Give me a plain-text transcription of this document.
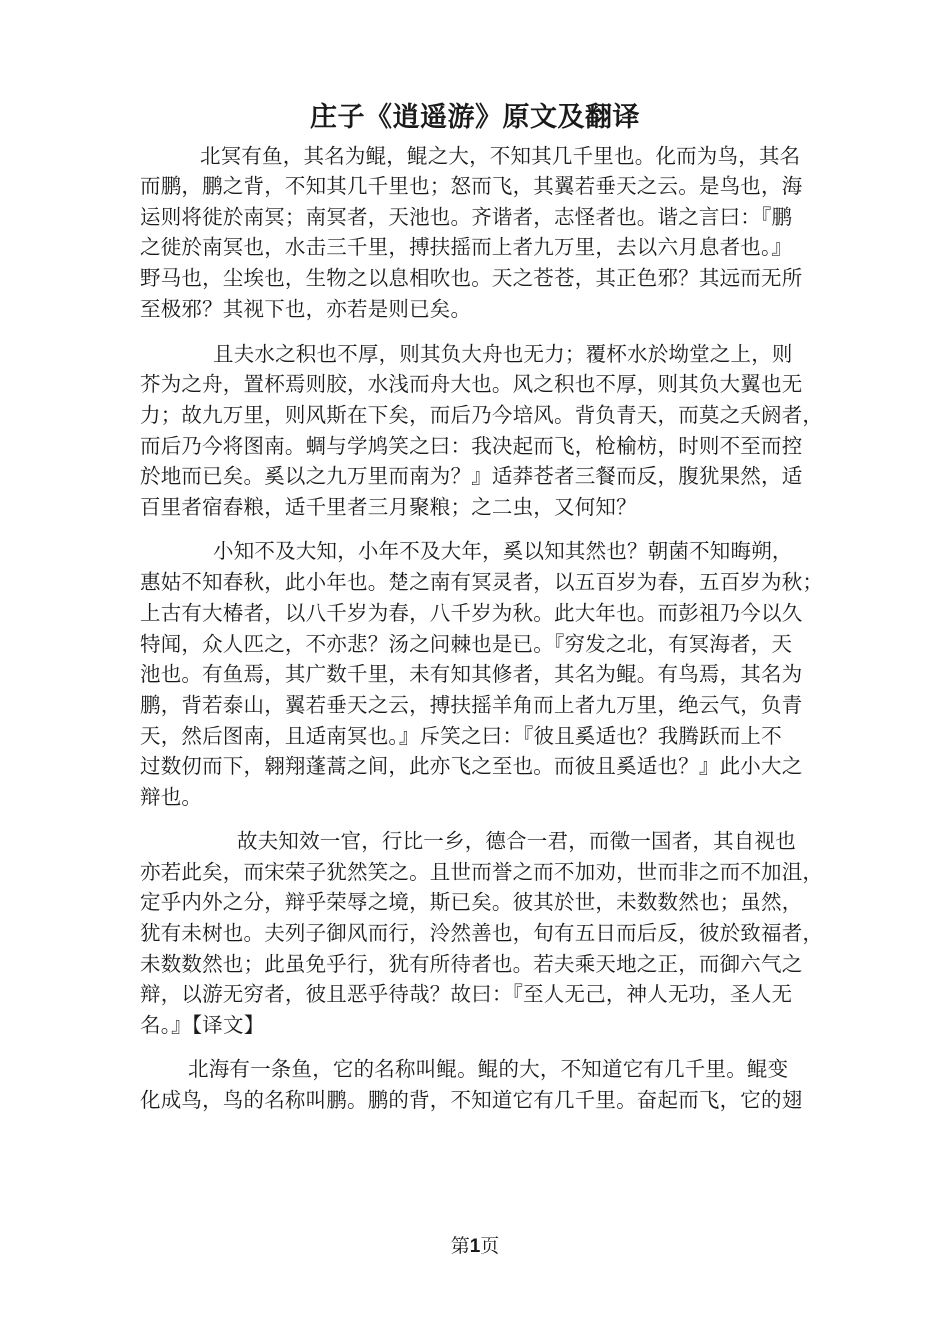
庄子《逍遥游》原文及翻译
北冥有鱼，其名为鲲，鲲之大，不知其几千里也。化而为鸟，其名
而鹏，鹏之背，不知其几千里也；怒而飞，其翼若垂天之云。是鸟也，海
运则将徙於南冥；南冥者，天池也。齐谐者，志怪者也。谐之言曰：『鹏
之徙於南冥也，水击三千里，搏扶摇而上者九万里，去以六月息者也。』
野马也，尘埃也，生物之以息相吹也。天之苍苍，其正色邪？其远而无所
至极邪？其视下也，亦若是则已矣。
且夫水之积也不厚，则其负大舟也无力；覆杯水於坳堂之上，则
芥为之舟，置杯焉则胶，水浅而舟大也。风之积也不厚，则其负大翼也无
力；故九万里，则风斯在下矣，而后乃今培风。背负青天，而莫之夭阏者，
而后乃今将图南。蜩与学鸠笑之曰：我决起而飞，枪榆枋，时则不至而控
於地而已矣。奚以之九万里而南为？』适莽苍者三餐而反，腹犹果然，适
百里者宿舂粮，适千里者三月聚粮；之二虫，又何知？
小知不及大知，小年不及大年，奚以知其然也？朝菌不知晦朔，
惠姑不知春秋，此小年也。楚之南有冥灵者，以五百岁为春，五百岁为秋；
上古有大椿者，以八千岁为春，八千岁为秋。此大年也。而彭祖乃今以久
特闻，众人匹之，不亦悲？汤之问棘也是已。『穷发之北，有冥海者，天
池也。有鱼焉，其广数千里，未有知其修者，其名为鲲。有鸟焉，其名为
鹏，背若泰山，翼若垂天之云，搏扶摇羊角而上者九万里，绝云气，负青
天，然后图南，且适南冥也。』斥笑之曰：『彼且奚适也？我腾跃而上不
过数仞而下，翱翔蓬蒿之间，此亦飞之至也。而彼且奚适也？』此小大之
辩也。
故夫知效一官，行比一乡，德合一君，而徵一国者，其自视也
亦若此矣，而宋荣子犹然笑之。且世而誉之而不加劝，世而非之而不加沮，
定乎内外之分，辩乎荣辱之境，斯已矣。彼其於世，未数数然也；虽然，
犹有未树也。夫列子御风而行，泠然善也，旬有五日而后反，彼於致福者，
未数数然也；此虽免乎行，犹有所待者也。若夫乘天地之正，而御六气之
辩，以游无穷者，彼且恶乎待哉？故曰：『至人无己，神人无功，圣人无
名。』【译文】
北海有一条鱼，它的名称叫鲲。鲲的大，不知道它有几千里。鲲变
化成鸟，鸟的名称叫鹏。鹏的背，不知道它有几千里。奋起而飞，它的翅
第1页
